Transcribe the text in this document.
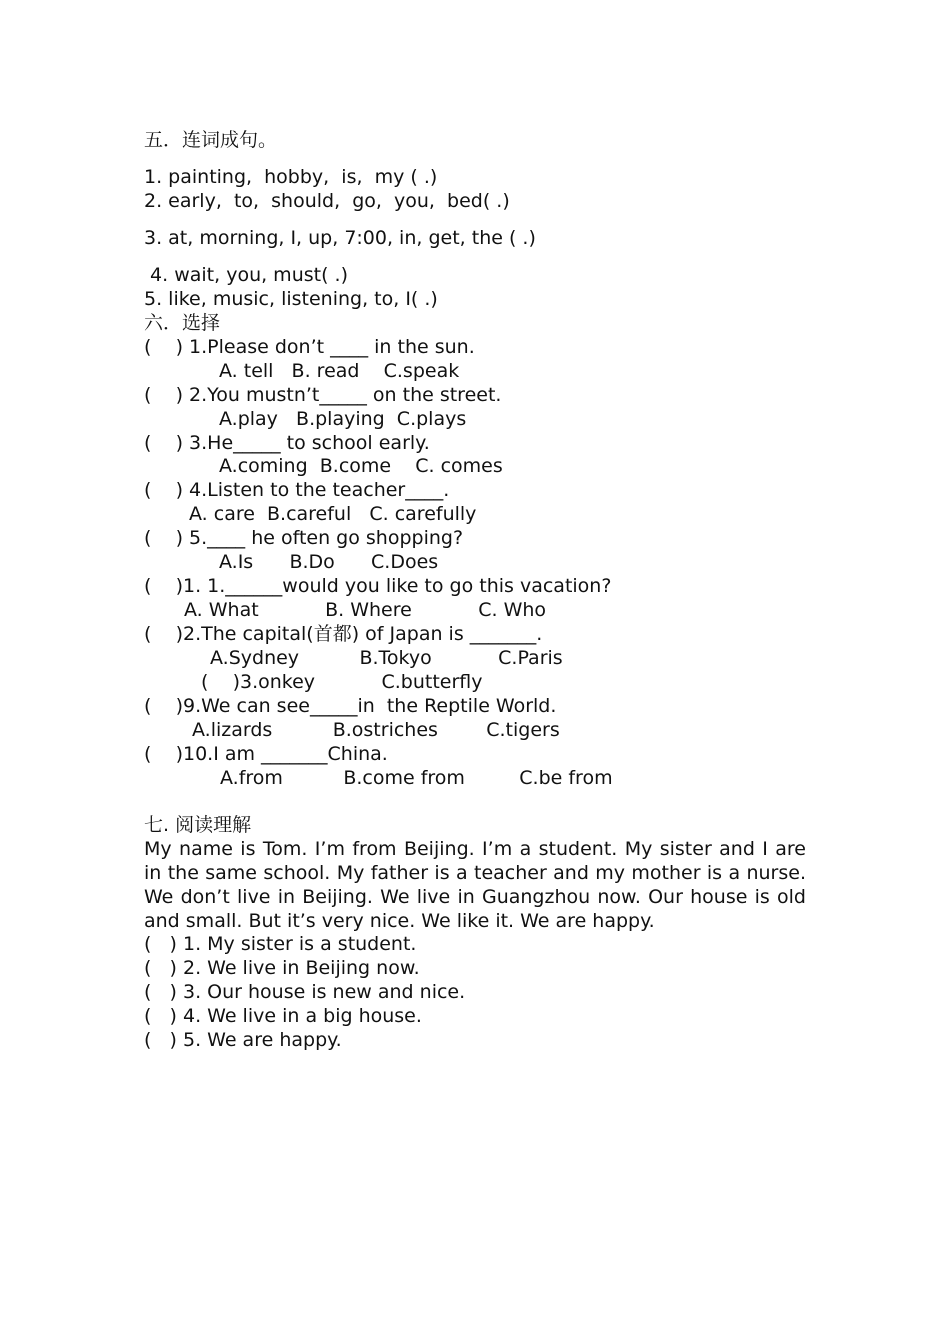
五．连词成句。
1. painting,  hobby,  is,  my ( .)
2. early,  to,  should,  go,  you,  bed( .)
3. at, morning, I, up, 7:00, in, get, the ( .)
4. wait, you, must( .)
5. like, music, listening, to, I( .)
六．选择
(    ) 1.Please don’t ____ in the sun.
A. tell   B. read    C.speak
(    ) 2.You mustn’t_____ on the street.
A.play   B.playing  C.plays
(    ) 3.He_____ to school early.
A.coming  B.come    C. comes
(    ) 4.Listen to the teacher____.
A. care  B.careful   C. carefully
(    ) 5.____ he often go shopping?
A.Is      B.Do      C.Does
(    )1. 1.______would you like to go this vacation?
A. What           B. Where           C. Who
(    )2.The capital(首都) of Japan is _______.
A.Sydney          B.Tokyo           C.Paris
(    )3.onkey           C.butterfly
(    )9.We can see_____in  the Reptile World.
A.lizards          B.ostriches        C.tigers
(    )10.I am _______China.
A.from          B.come from         C.be from
七. 阅读理解
My name is Tom. I’m from Beijing. I’m a student. My sister and I are in the same school. My father is a teacher and my mother is a nurse. We don’t live in Beijing. We live in Guangzhou now. Our house is old and small. But it’s very nice. We like it. We are happy.
(   ) 1. My sister is a student.
(   ) 2. We live in Beijing now.
(   ) 3. Our house is new and nice.
(   ) 4. We live in a big house.
(   ) 5. We are happy.
